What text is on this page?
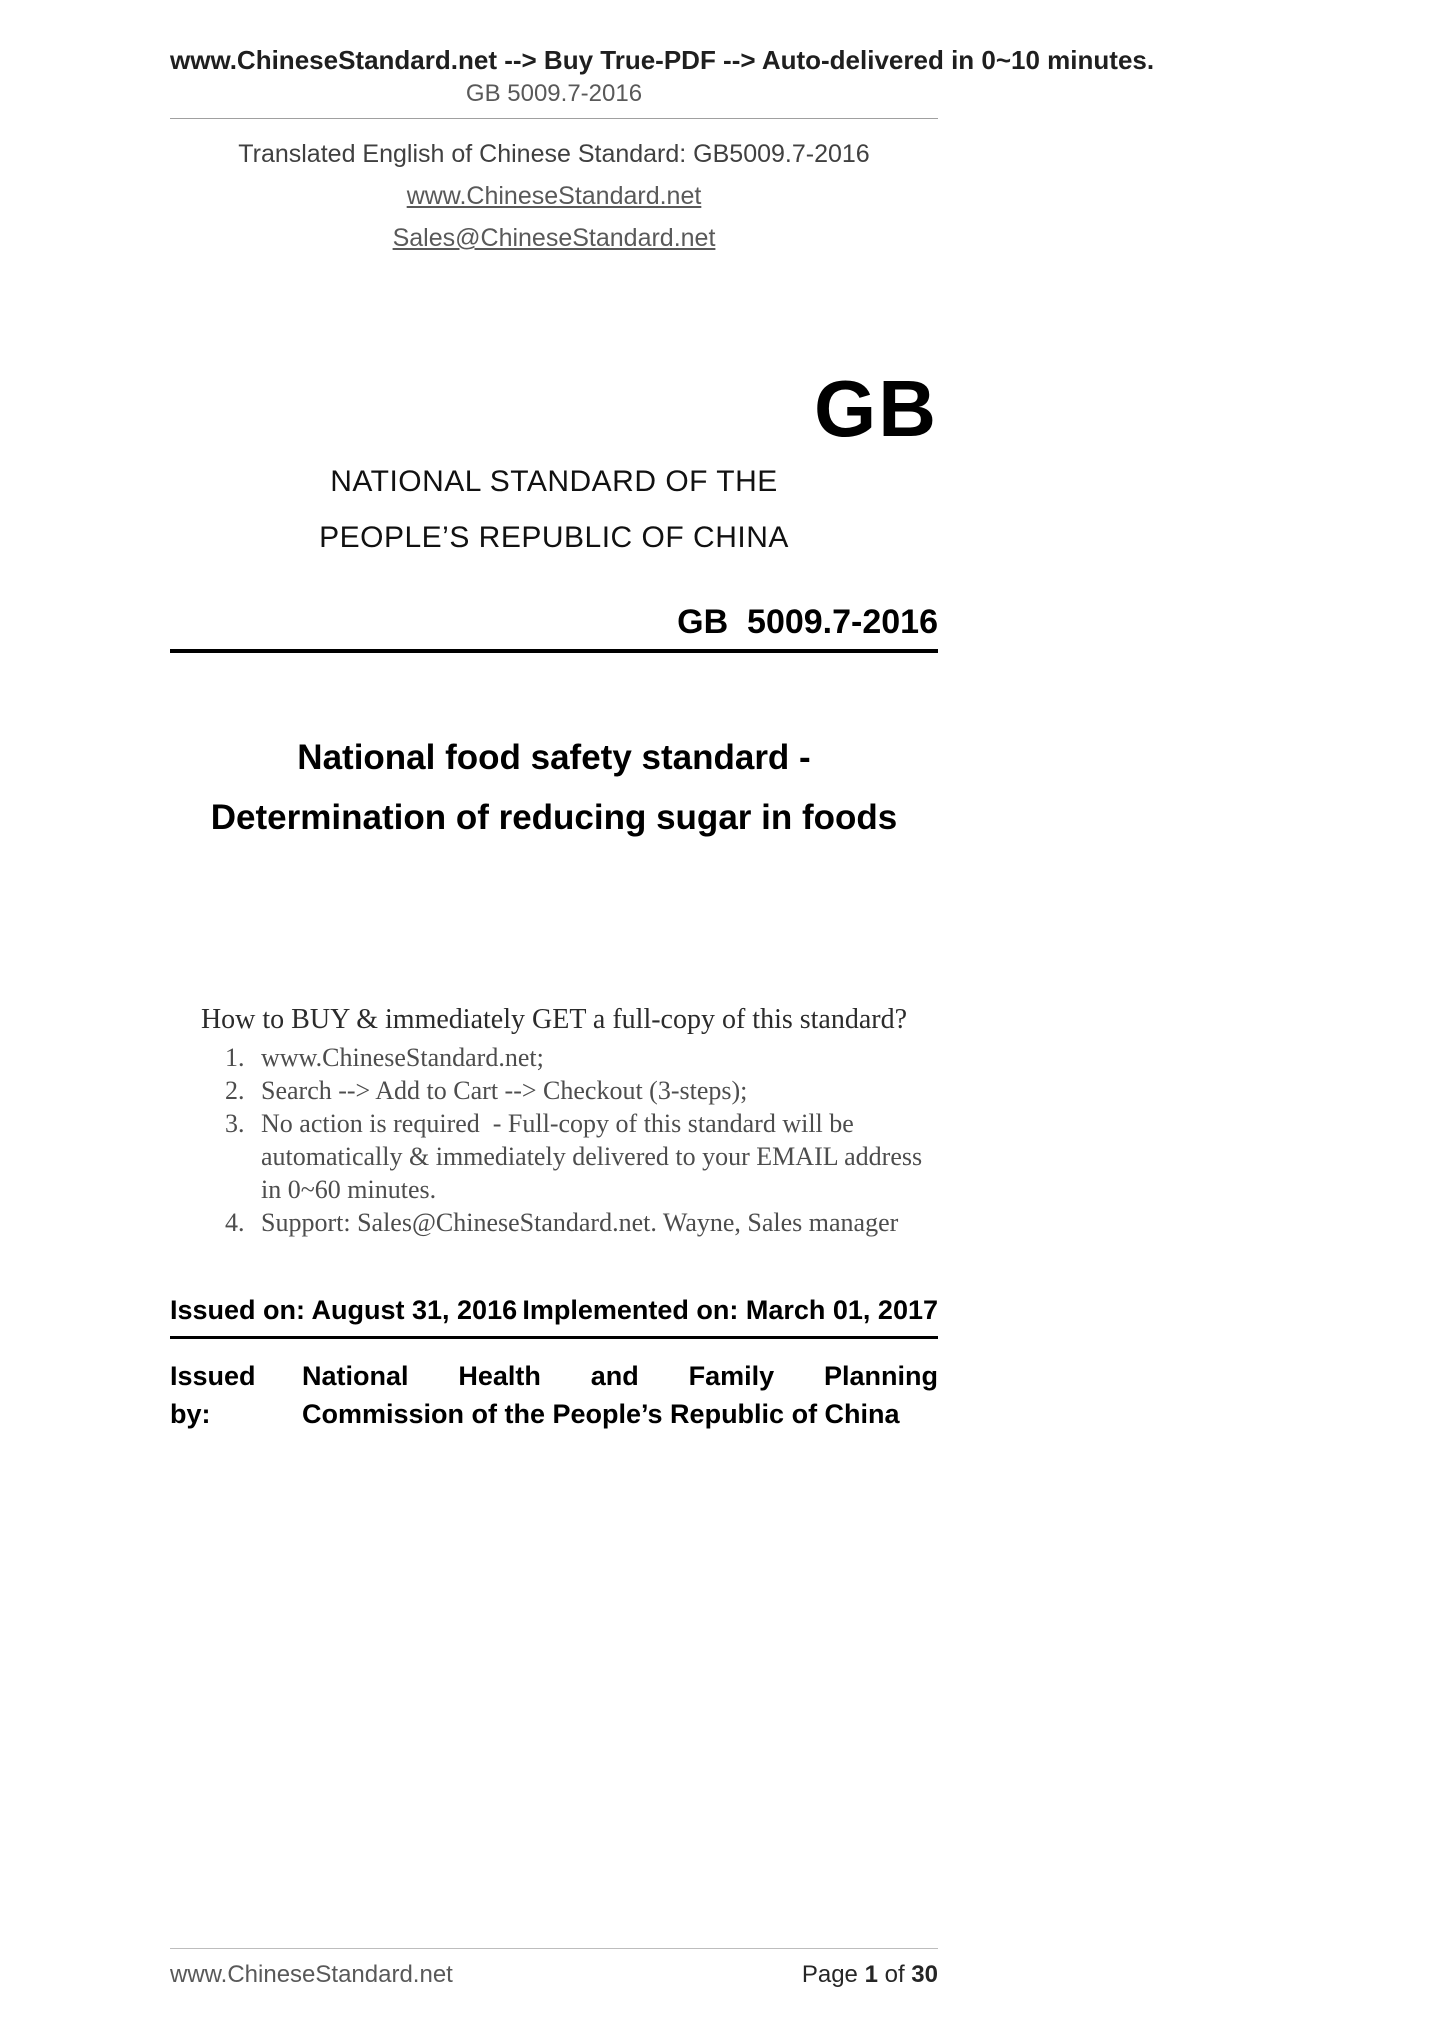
www.ChineseStandard.net --> Buy True-PDF --> Auto-delivered in 0~10 minutes.
GB 5009.7-2016
Translated English of Chinese Standard: GB5009.7-2016
www.ChineseStandard.net
Sales@ChineseStandard.net
GB
NATIONAL STANDARD OF THE
PEOPLE’S REPUBLIC OF CHINA
GB  5009.7-2016
National food safety standard -
Determination of reducing sugar in foods
How to BUY & immediately GET a full-copy of this standard?
1. www.ChineseStandard.net;
2. Search --> Add to Cart --> Checkout (3-steps);
3. No action is required  - Full-copy of this standard will be automatically & immediately delivered to your EMAIL address in 0~60 minutes.
4. Support: Sales@ChineseStandard.net. Wayne, Sales manager
Issued on: August 31, 2016 Implemented on: March 01, 2017
Issued by:
National Health and Family Planning Commission of the People’s Republic of China
www.ChineseStandard.net	Page 1 of 30
